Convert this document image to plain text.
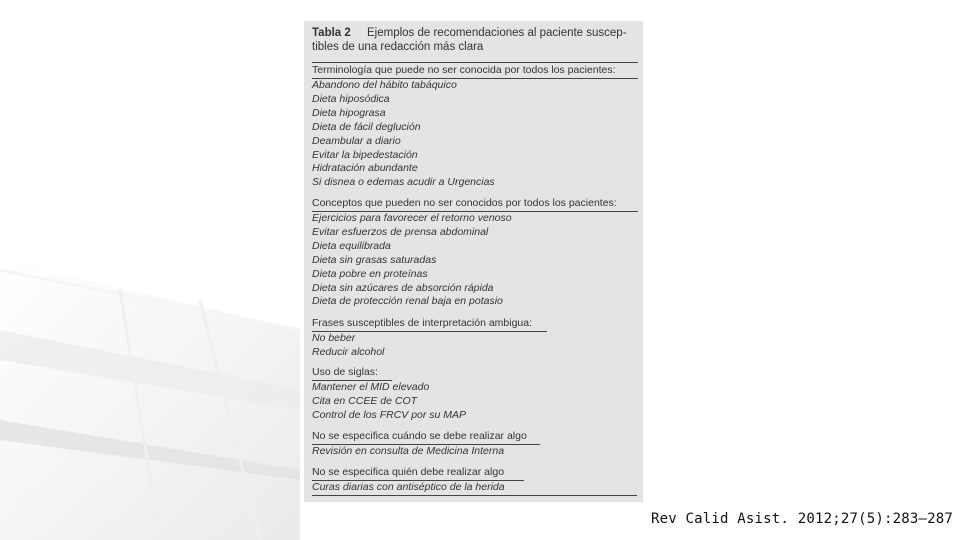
Tabla 2 Ejemplos de recomendaciones al paciente suscep-
tibles de una redacción más clara
Terminología que puede no ser conocida por todos los pacientes:
Abandono del hábito tabáquico
Dieta hiposódica
Dieta hipograsa
Dieta de fácil deglución
Deambular a diario
Evitar la bipedestación
Hidratación abundante
Si disnea o edemas acudir a Urgencias
Conceptos que pueden no ser conocidos por todos los pacientes:
Ejercicios para favorecer el retorno venoso
Evitar esfuerzos de prensa abdominal
Dieta equilibrada
Dieta sin grasas saturadas
Dieta pobre en proteínas
Dieta sin azúcares de absorción rápida
Dieta de protección renal baja en potasio
Frases susceptibles de interpretación ambigua:
No beber
Reducir alcohol
Uso de siglas:
Mantener el MID elevado
Cita en CCEE de COT
Control de los FRCV por su MAP
No se especifica cuándo se debe realizar algo
Revisión en consulta de Medicina Interna
No se especifica quién debe realizar algo
Curas diarias con antiséptico de la herida
Rev Calid Asist. 2012;27(5):283—287
